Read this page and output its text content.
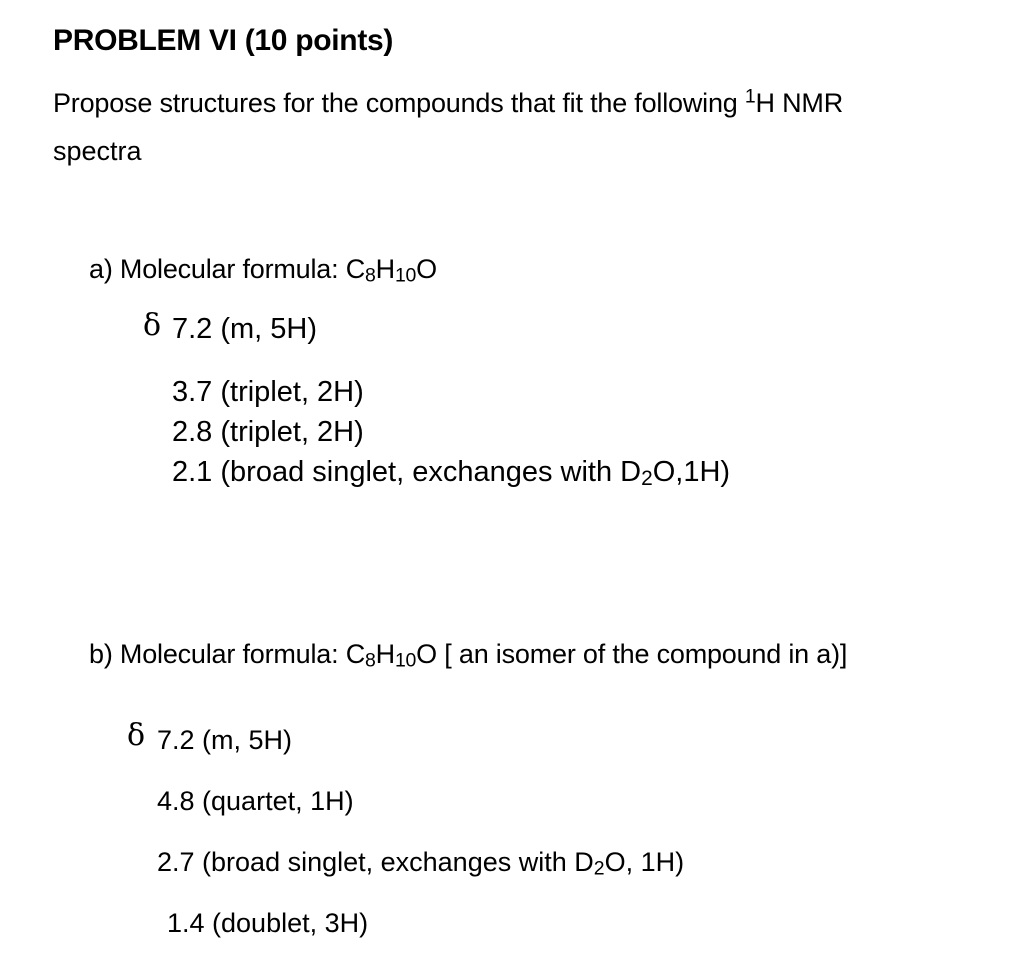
PROBLEM VI (10 points)
Propose structures for the compounds that fit the following $^1$H NMR
spectra
a) Molecular formula: C8H10O
δ 7.2 (m, 5H)
3.7 (triplet, 2H)
2.8 (triplet, 2H)
2.1 (broad singlet, exchanges with D2O,1H)
b) Molecular formula: C8H10O [ an isomer of the compound in a)]
δ 7.2 (m, 5H)
4.8 (quartet, 1H)
2.7 (broad singlet, exchanges with D2O, 1H)
1.4 (doublet, 3H)
